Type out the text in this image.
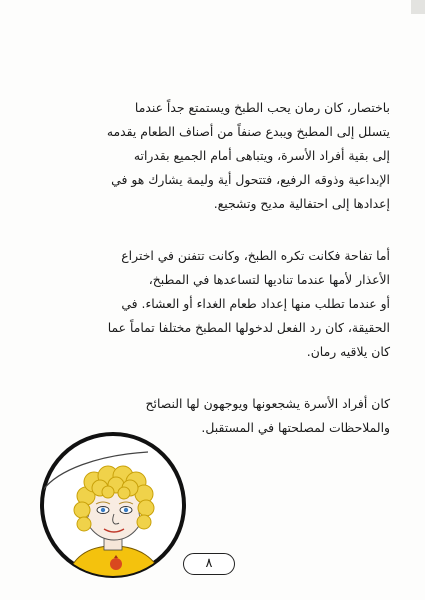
باختصار، كان رمان يحب الطبخ ويستمتع جداً عندما
يتسلل إلى المطبخ ويبدع صنفاً من أصناف الطعام يقدمه
إلى بقية أفراد الأسرة، ويتباهى أمام الجميع بقدراته
الإبداعية وذوقه الرفيع، فتتحول أية وليمة يشارك هو في
إعدادها إلى احتفالية مديح وتشجيع.

أما تفاحة فكانت تكره الطبخ، وكانت تتفنن في اختراع
الأعذار لأمها عندما تناديها لتساعدها في المطبخ،
أو عندما تطلب منها إعداد طعام الغداء أو العشاء. في
الحقيقة، كان رد الفعل لدخولها المطبخ مختلفا تماماً عما
كان يلاقيه رمان.

كان أفراد الأسرة يشجعونها ويوجهون لها النصائح
والملاحظات لمصلحتها في المستقبل.

٨
